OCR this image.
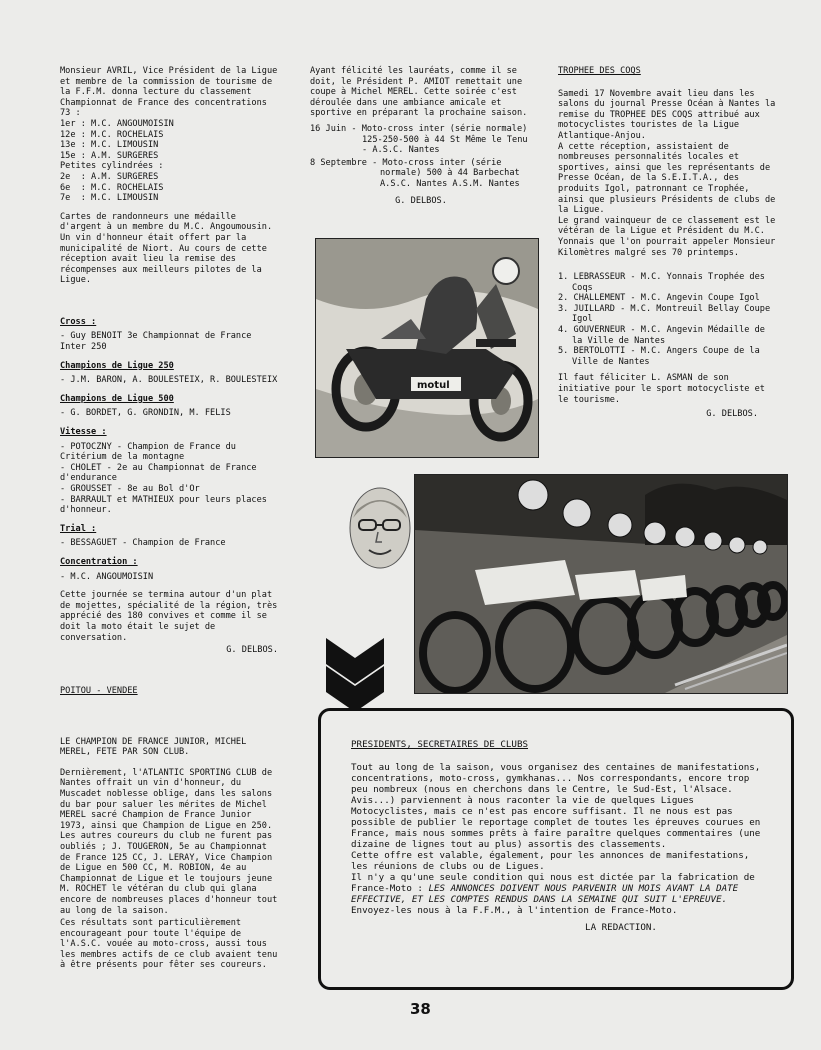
Monsieur AVRIL, Vice Président de la Ligue et membre de la commission de tourisme de la F.F.M. donna lecture du classement Championnat de France des concentrations 73 :

1er : M.C. ANGOUMOISIN
12e : M.C. ROCHELAIS
13e : M.C. LIMOUSIN
15e : A.M. SURGERES
Petites cylindrées :
2e  : A.M. SURGERES
6e  : M.C. ROCHELAIS
7e  : M.C. LIMOUSIN

Cartes de randonneurs une médaille d'argent à un membre du M.C. Angoumousin. Un vin d'honneur était offert par la municipalité de Niort. Au cours de cette réception avait lieu la remise des récompenses aux meilleurs pilotes de la Ligue.

Cross :
- Guy BENOIT 3e Championnat de France Inter 250
Champions de Ligue 250
- J.M. BARON, A. BOULESTEIX, R. BOULESTEIX
Champions de Ligue 500
- G. BORDET, G. GRONDIN, M. FELIS
Vitesse :
- POTOCZNY - Champion de France du Critérium de la montagne
- CHOLET - 2e au Championnat de France d'endurance
- GROUSSET - 8e au Bol d'Or
- BARRAULT et MATHIEUX pour leurs places d'honneur.
Trial :
- BESSAGUET - Champion de France
Concentration :
- M.C. ANGOUMOISIN

Cette journée se termina autour d'un plat de mojettes, spécialité de la région, très apprécié des 180 convives et comme il se doit la moto était le sujet de conversation.

G. DELBOS.
POITOU - VENDEE

LE CHAMPION DE FRANCE JUNIOR, MICHEL MEREL, FETE PAR SON CLUB.

Dernièrement, l'ATLANTIC SPORTING CLUB de Nantes offrait un vin d'honneur, du Muscadet noblesse oblige, dans les salons du bar pour saluer les mérites de Michel MEREL sacré Champion de France Junior 1973, ainsi que Champion de Ligue en 250. Les autres coureurs du club ne furent pas oubliés ; J. TOUGERON, 5e au Championnat de France 125 CC, J. LERAY, Vice Champion de Ligue en 500 CC, M. ROBION, 4e au Championnat de Ligue et le toujours jeune M. ROCHET le vétéran du club qui glana encore de nombreuses places d'honneur tout au long de la saison.

Ces résultats sont particulièrement encourageant pour toute l'équipe de l'A.S.C. vouée au moto-cross, aussi tous les membres actifs de ce club avaient tenu à être présents pour fêter ses coureurs.

Ayant félicité les lauréats, comme il se doit, le Président P. AMIOT remettait une coupe à Michel MEREL. Cette soirée c'est déroulée dans une ambiance amicale et sportive en préparant la prochaine saison.

16 Juin - Moto-cross inter (série normale) 125-250-500 à 44 St Même le Tenu - A.S.C. Nantes
8 Septembre - Moto-cross inter (série normale) 500 à 44 Barbechat A.S.C. Nantes A.S.M. Nantes
G. DELBOS.
motul
TROPHEE DES COQS

Samedi 17 Novembre avait lieu dans les salons du journal Presse Océan à Nantes la remise du TROPHEE DES COQS attribué aux motocyclistes touristes de la Ligue Atlantique-Anjou.

A cette réception, assistaient de nombreuses personnalités locales et sportives, ainsi que les représentants de Presse Océan, de la S.E.I.T.A., des produits Igol, patronnant ce Trophée, ainsi que plusieurs Présidents de clubs de la Ligue.

Le grand vainqueur de ce classement est le vétéran de la Ligue et Président du M.C. Yonnais que l'on pourrait appeler Monsieur Kilomètres malgré ses 70 printemps.

1. LEBRASSEUR - M.C. Yonnais Trophée des Coqs
2. CHALLEMENT - M.C. Angevin Coupe Igol
3. JUILLARD - M.C. Montreuil Bellay Coupe Igol
4. GOUVERNEUR - M.C. Angevin Médaille de la Ville de Nantes
5. BERTOLOTTI - M.C. Angers Coupe de la Ville de Nantes

Il faut féliciter L. ASMAN de son initiative pour le sport motocycliste et le tourisme.

G. DELBOS.
PRESIDENTS, SECRETAIRES DE CLUBS
Tout au long de la saison, vous organisez des centaines de manifestations, concentrations, moto-cross, gymkhanas... Nos correspondants, encore trop peu nombreux (nous en cherchons dans le Centre, le Sud-Est, l'Alsace. Avis...) parviennent à nous raconter la vie de quelques Ligues Motocyclistes, mais ce n'est pas encore suffisant. Il ne nous est pas possible de publier le reportage complet de toutes les épreuves courues en France, mais nous sommes prêts à faire paraître quelques commentaires (une dizaine de lignes tout au plus) assortis des classements.
Cette offre est valable, également, pour les annonces de manifestations, les réunions de clubs ou de Ligues.
Il n'y a qu'une seule condition qui nous est dictée par la fabrication de France-Moto : LES ANNONCES DOIVENT NOUS PARVENIR UN MOIS AVANT LA DATE EFFECTIVE, ET LES COMPTES RENDUS DANS LA SEMAINE QUI SUIT L'EPREUVE.
Envoyez-les nous à la F.F.M., à l'intention de France-Moto.
LA REDACTION.
38
